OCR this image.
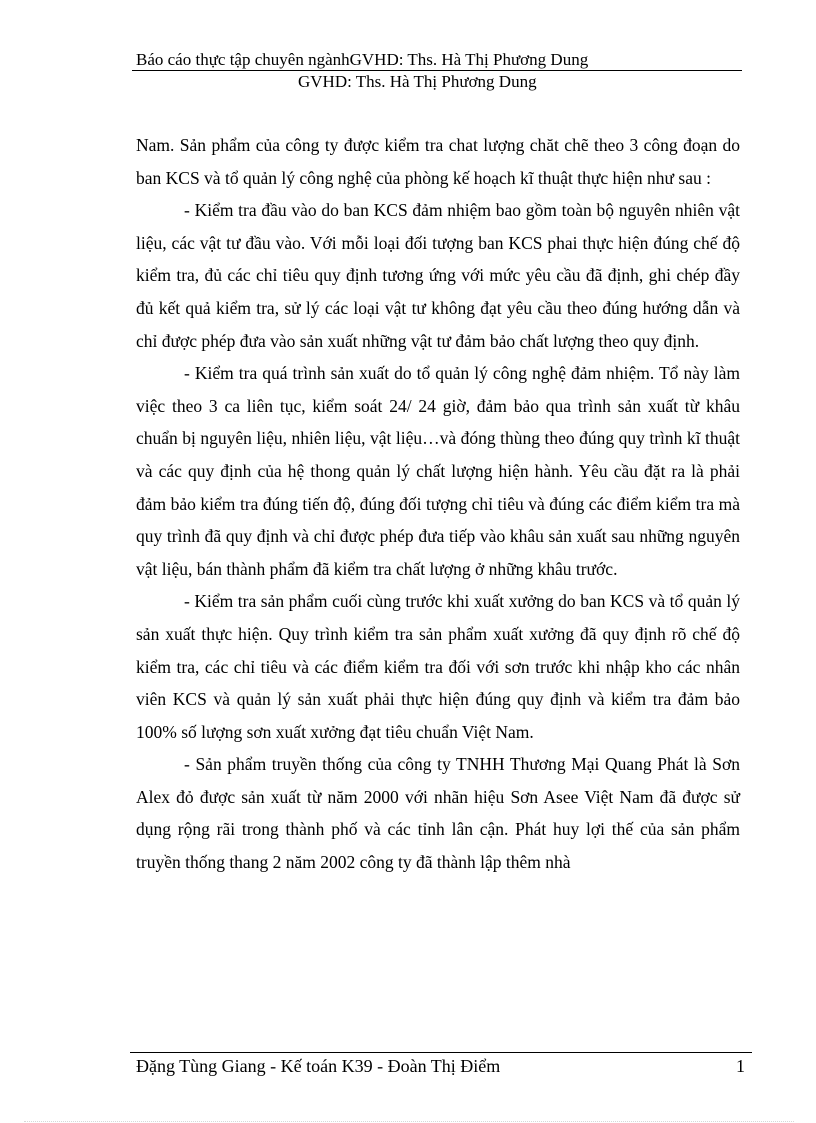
Báo cáo thực tập chuyên ngànhGVHD: Ths. Hà Thị Phương Dung
GVHD: Ths. Hà Thị Phương Dung

Nam. Sản phẩm của công ty được kiểm tra chat lượng chăt chẽ theo 3 công đoạn do ban KCS và tổ quản lý công nghệ của phòng kế hoạch kĩ thuật thực hiện như sau :

- Kiểm tra đầu vào do ban KCS đảm nhiệm bao gồm toàn bộ nguyên nhiên vật liệu, các vật tư đầu vào. Với mỗi loại đối tượng ban KCS phai thực hiện đúng chế độ kiểm tra, đủ các chỉ tiêu quy định tương ứng với mức yêu cầu đã định, ghi chép đầy đủ kết quả kiểm tra, sử lý các loại vật tư không đạt yêu cầu theo đúng hướng dẫn và chỉ được phép đưa vào sản xuất những vật tư đảm bảo chất lượng theo quy định.

- Kiểm tra quá trình sản xuất do tổ quản lý công nghệ đảm nhiệm. Tổ này làm việc theo 3 ca liên tục, kiểm soát 24/ 24 giờ, đảm bảo qua trình sản xuất từ khâu chuẩn bị nguyên liệu, nhiên liệu, vật liệu…và đóng thùng theo đúng quy trình kĩ thuật và các quy định của hệ thong quản lý chất lượng hiện hành. Yêu cầu đặt ra là phải đảm bảo kiểm tra đúng tiến độ, đúng đối tượng chỉ tiêu và đúng các điểm kiểm tra mà quy trình đã quy định và chỉ được phép đưa tiếp vào khâu sản xuất sau những nguyên vật liệu, bán thành phẩm đã kiểm tra chất lượng ở những khâu trước.

- Kiểm tra sản phẩm cuối cùng trước khi xuất xưởng do ban KCS và tổ quản lý sản xuất thực hiện. Quy trình kiểm tra sản phẩm xuất xưởng đã quy định rõ chế độ kiểm tra, các chỉ tiêu và các điểm kiểm tra đối với sơn trước khi nhập kho các nhân viên KCS và quản lý sản xuất phải thực hiện đúng quy định và kiểm tra đảm bảo 100% số lượng sơn xuất xưởng đạt tiêu chuẩn Việt Nam.

- Sản phẩm truyền thống của công ty TNHH Thương Mại Quang Phát là Sơn Alex đỏ được sản xuất từ năm 2000 với nhãn hiệu Sơn Asee Việt Nam đã được sử dụng rộng rãi trong thành phố và các tỉnh lân cận. Phát huy lợi thế của sản phẩm truyền thống thang 2 năm 2002 công ty đã thành lập thêm nhà

Đặng Tùng Giang - Kế toán K39 - Đoàn Thị Điểm	1
